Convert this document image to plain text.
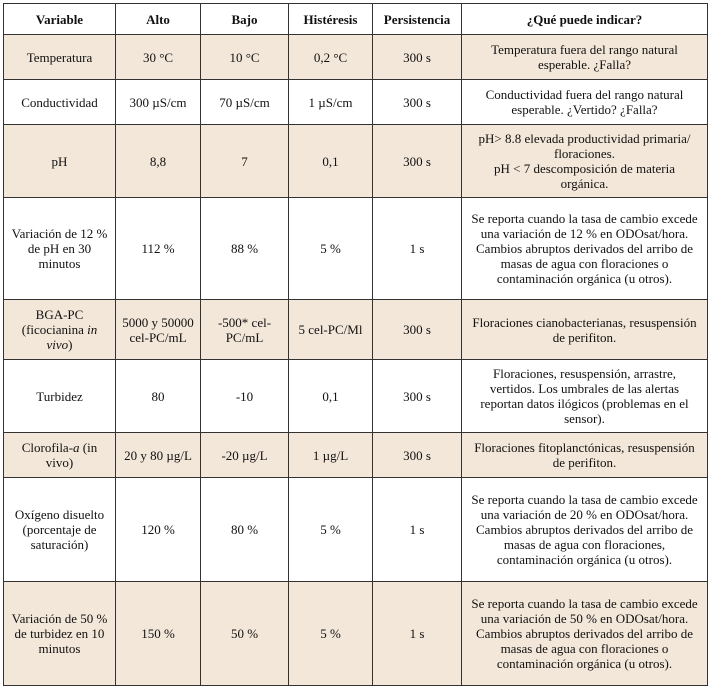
Variable	Alto	Bajo	Histéresis	Persistencia	¿Qué puede indicar?
Temperatura	30 °C	10 °C	0,2 °C	300 s	Temperatura fuera del rango natural esperable. ¿Falla?
Conductividad	300 µS/cm	70 µS/cm	1 µS/cm	300 s	Conductividad fuera del rango natural esperable. ¿Vertido? ¿Falla?
pH	8,8	7	0,1	300 s	pH> 8.8 elevada productividad primaria/ floraciones.
pH < 7 descomposición de materia orgánica.

Variación de 12 % de pH en 30 minutos	112 %	88 %	5 %	1 s	Se reporta cuando la tasa de cambio excede una variación de 12 % en ODOsat/hora. Cambios abruptos derivados del arribo de masas de agua con floraciones o contaminación orgánica (u otros).
BGA-PC (ficocianina in vivo)	5000 y 50000 cel-PC/mL	-500* cel-PC/mL	5 cel-PC/Ml	300 s	Floraciones cianobacterianas, resuspensión de perifiton.
Turbidez	80	-10	0,1	300 s	Floraciones, resuspensión, arrastre, vertidos. Los umbrales de las alertas reportan datos ilógicos (problemas en el sensor).
Clorofila-a (in vivo)	20 y 80 µg/L	-20 µg/L	1 µg/L	300 s	Floraciones fitoplanctónicas, resuspensión de perifiton.
Oxígeno disuelto (porcentaje de saturación)	120 %	80 %	5 %	1 s	Se reporta cuando la tasa de cambio excede una variación de 20 % en ODOsat/hora. Cambios abruptos derivados del arribo de masas de agua con floraciones, contaminación orgánica (u otros).
Variación de 50 % de turbidez en 10 minutos	150 %	50 %	5 %	1 s	Se reporta cuando la tasa de cambio excede una variación de 50 % en ODOsat/hora. Cambios abruptos derivados del arribo de masas de agua con floraciones o contaminación orgánica (u otros).
